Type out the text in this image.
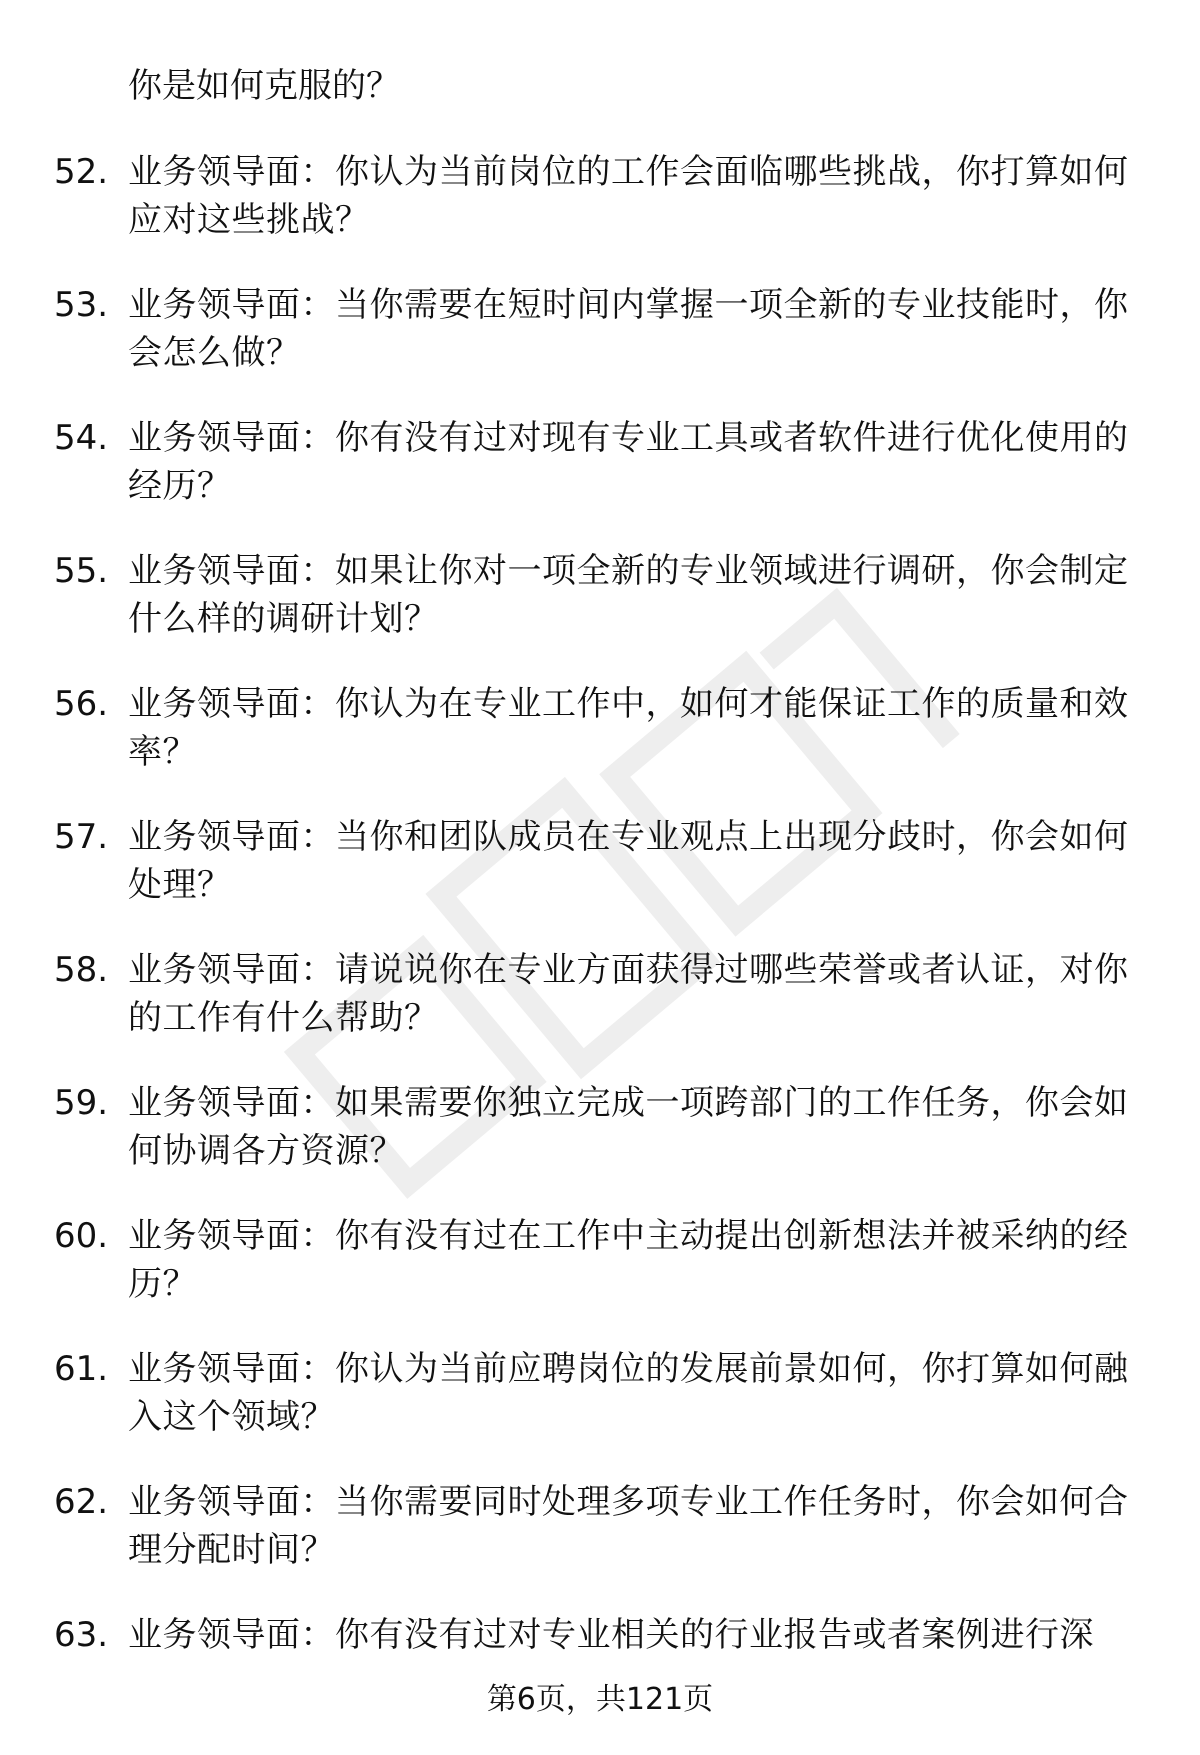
你是如何克服的？
52. 业务领导面：你认为当前岗位的工作会面临哪些挑战，你打算如何应对这些挑战？
53. 业务领导面：当你需要在短时间内掌握一项全新的专业技能时，你会怎么做？
54. 业务领导面：你有没有过对现有专业工具或者软件进行优化使用的经历？
55. 业务领导面：如果让你对一项全新的专业领域进行调研，你会制定什么样的调研计划？
56. 业务领导面：你认为在专业工作中，如何才能保证工作的质量和效率？
57. 业务领导面：当你和团队成员在专业观点上出现分歧时，你会如何处理？
58. 业务领导面：请说说你在专业方面获得过哪些荣誉或者认证，对你的工作有什么帮助？
59. 业务领导面：如果需要你独立完成一项跨部门的工作任务，你会如何协调各方资源？
60. 业务领导面：你有没有过在工作中主动提出创新想法并被采纳的经历？
61. 业务领导面：你认为当前应聘岗位的发展前景如何，你打算如何融入这个领域？
62. 业务领导面：当你需要同时处理多项专业工作任务时，你会如何合理分配时间？
63. 业务领导面：你有没有过对专业相关的行业报告或者案例进行深
第6页，共121页
